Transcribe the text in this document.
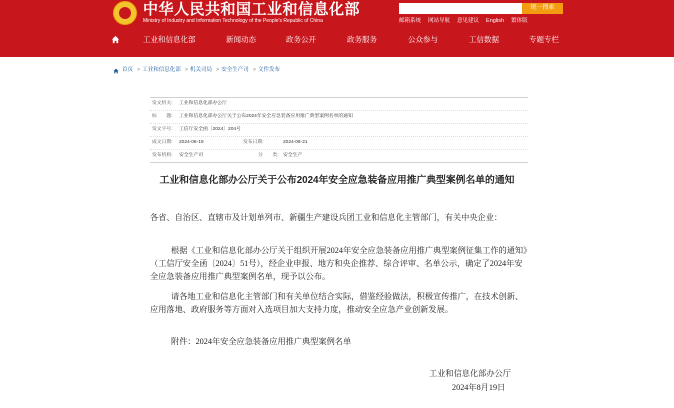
中华人民共和国工业和信息化部
Ministry of Industry and Information Technology of the People's Republic of China
统一搜索
邮箱系统 网站导航 意见建议 English 繁体版
工业和信息化部	新闻动态	政务公开	政务服务	公众参与	工信数据	专题专栏
首页 > 工业和信息化部 > 机关司局 > 安全生产司 > 文件发布
发文机关: 工业和信息化部办公厅
标　　题: 工业和信息化部办公厅关于公布2024年安全应急装备应用推广典型案例名单的通知
发文字号: 工信厅安全函〔2024〕204号
成文日期: 2024-08-19	发布日期:	2024-08-21
发布机构: 安全生产司	分　　类: 安全生产
工业和信息化部办公厅关于公布2024年安全应急装备应用推广典型案例名单的通知
各省、自治区、直辖市及计划单列市、新疆生产建设兵团工业和信息化主管部门，有关中央企业：
根据《工业和信息化部办公厅关于组织开展2024年安全应急装备应用推广典型案例征集工作的通知》（工信厅安全函〔2024〕51号），经企业申报、地方和央企推荐、综合评审、名单公示，确定了2024年安全应急装备应用推广典型案例名单，现予以公布。
请各地工业和信息化主管部门和有关单位结合实际，借鉴经验做法，积极宣传推广，在技术创新、应用落地、政府服务等方面对入选项目加大支持力度，推动安全应急产业创新发展。
附件：2024年安全应急装备应用推广典型案例名单
工业和信息化部办公厅
2024年8月19日
